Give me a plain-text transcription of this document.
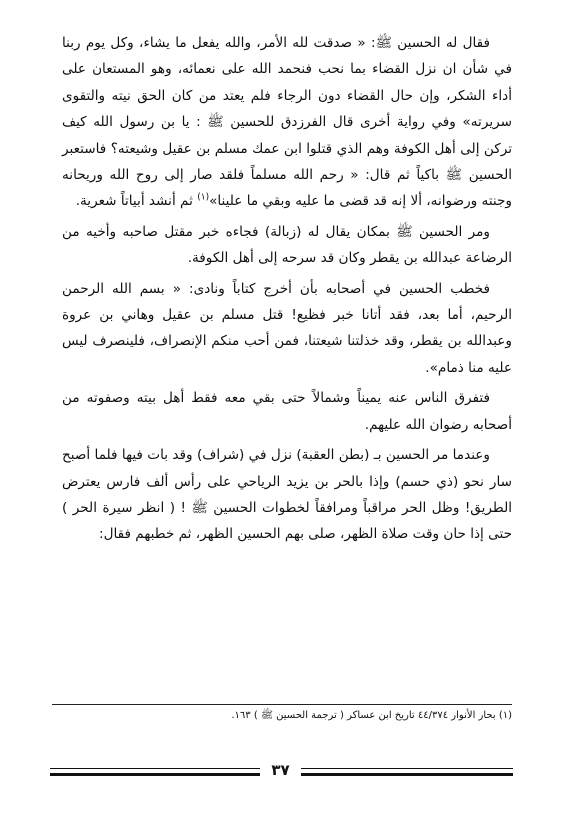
فقال له الحسين ﷺ: « صدقت لله الأمر، والله يفعل ما يشاء، وكل يوم ربنا في شأن ان نزل القضاء بما نحب فنحمد الله على نعمائه، وهو المستعان على أداء الشكر، وإن حال القضاء دون الرجاء فلم يعتد من كان الحق نيته والتقوى سريرته» وفي رواية أخرى قال الفرزدق للحسين ﷺ : يا بن رسول الله كيف تركن إلى أهل الكوفة وهم الذي قتلوا ابن عمك مسلم بن عقيل وشيعته؟ فاستعبر الحسين ﷺ باكياً ثم قال: « رحم الله مسلماً فلقد صار إلى روح الله وريحانه وجنته ورضوانه، ألا إنه قد قضى ما عليه وبقي ما علينا»$^{(١)}$ ثم أنشد أبياتاً شعرية.

ومر الحسين ﷺ بمكان يقال له (زبالة) فجاءه خبر مقتل صاحبه وأخيه من الرضاعة عبدالله بن يقطر وكان قد سرحه إلى أهل الكوفة.

فخطب الحسين في أصحابه بأن أخرج كتاباً ونادى: « بسم الله الرحمن الرحيم، أما بعد، فقد أتانا خبر فظيع! قتل مسلم بن عقيل وهاني بن عروة وعبدالله بن يقطر، وقد خذلتنا شيعتنا، فمن أحب منكم الإنصراف، فلينصرف ليس عليه منا ذمام».

فتفرق الناس عنه يميناً وشمالاً حتى بقي معه فقط أهل بيته وصفوته من أصحابه رضوان الله عليهم.

وعندما مر الحسين بـ (بطن العقبة) نزل في (شراف) وقد بات فيها فلما أصبح سار نحو (ذي حسم) وإذا بالحر بن يزيد الرياحي على رأس ألف فارس يعترض الطريق! وظل الحر مراقباً ومرافقاً لخطوات الحسين ﷺ ! ( انظر سيرة الحر ) حتى إذا حان وقت صلاة الظهر، صلى بهم الحسين الظهر، ثم خطبهم فقال:

(١) بحار الأنوار ٤٤/٣٧٤ تاريخ ابن عساكر ( ترجمة الحسين ﷺ ) ١٦٣.
٣٧
